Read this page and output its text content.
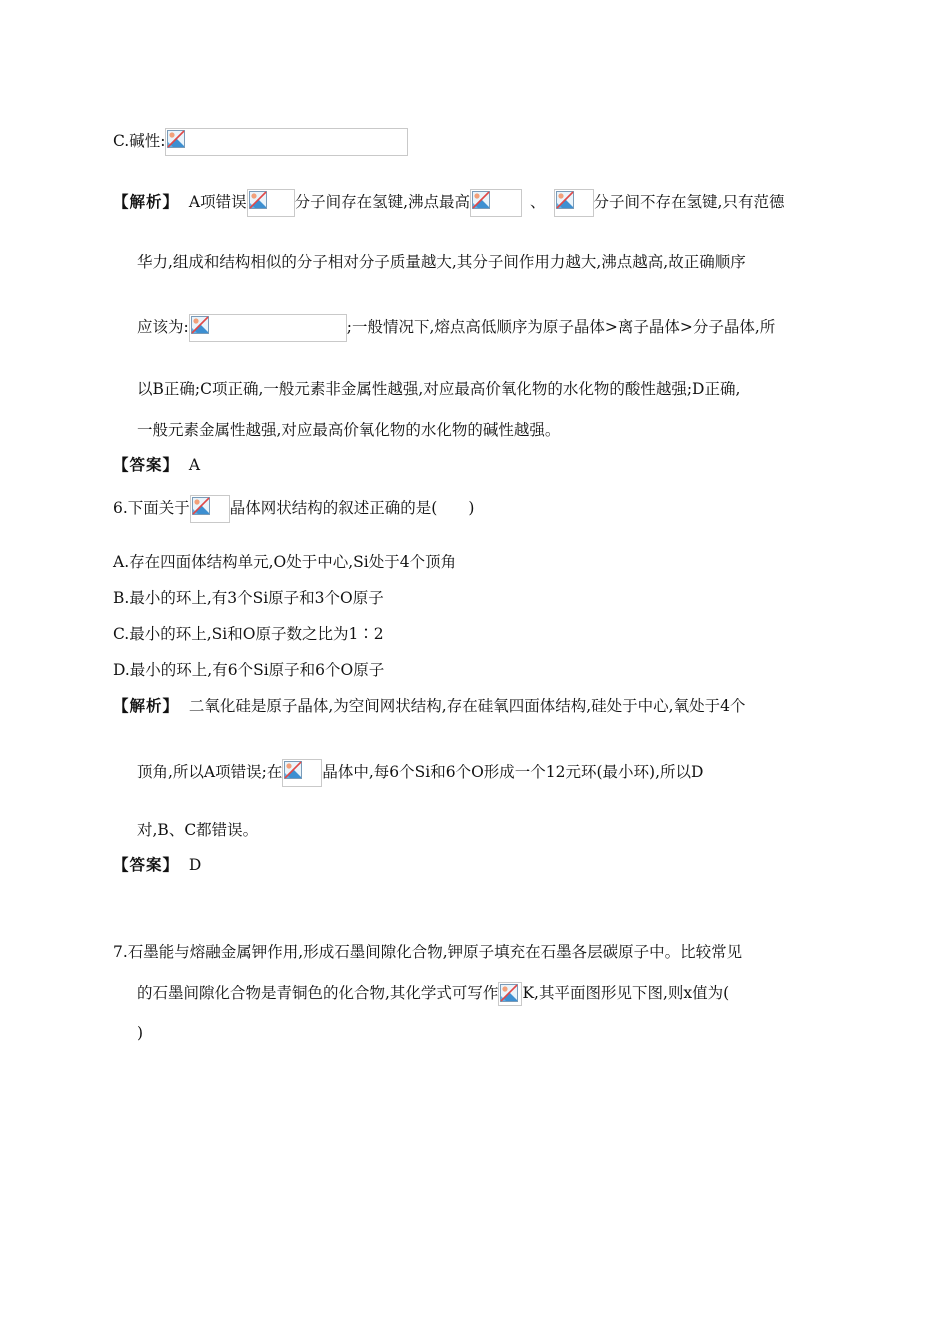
C.碱性:
【解析】 A项错误	分子间存在氢键,沸点最高	、	分子间不存在氢键,只有范德
华力,组成和结构相似的分子相对分子质量越大,其分子间作用力越大,沸点越高,故正确顺序
应该为:	;一般情况下,熔点高低顺序为原子晶体>离子晶体>分子晶体,所
以B正确;C项正确,一般元素非金属性越强,对应最高价氧化物的水化物的酸性越强;D正确,
一般元素金属性越强,对应最高价氧化物的水化物的碱性越强。
【答案】 A
6.下面关于	晶体网状结构的叙述正确的是(　　)
A.存在四面体结构单元,O处于中心,Si处于4个顶角
B.最小的环上,有3个Si原子和3个O原子
C.最小的环上,Si和O原子数之比为1∶2
D.最小的环上,有6个Si原子和6个O原子
【解析】 二氧化硅是原子晶体,为空间网状结构,存在硅氧四面体结构,硅处于中心,氧处于4个
顶角,所以A项错误;在	晶体中,每6个Si和6个O形成一个12元环(最小环),所以D
对,B、C都错误。
【答案】 D
7.石墨能与熔融金属钾作用,形成石墨间隙化合物,钾原子填充在石墨各层碳原子中。比较常见
的石墨间隙化合物是青铜色的化合物,其化学式可写作 K,其平面图形见下图,则x值为(
)
